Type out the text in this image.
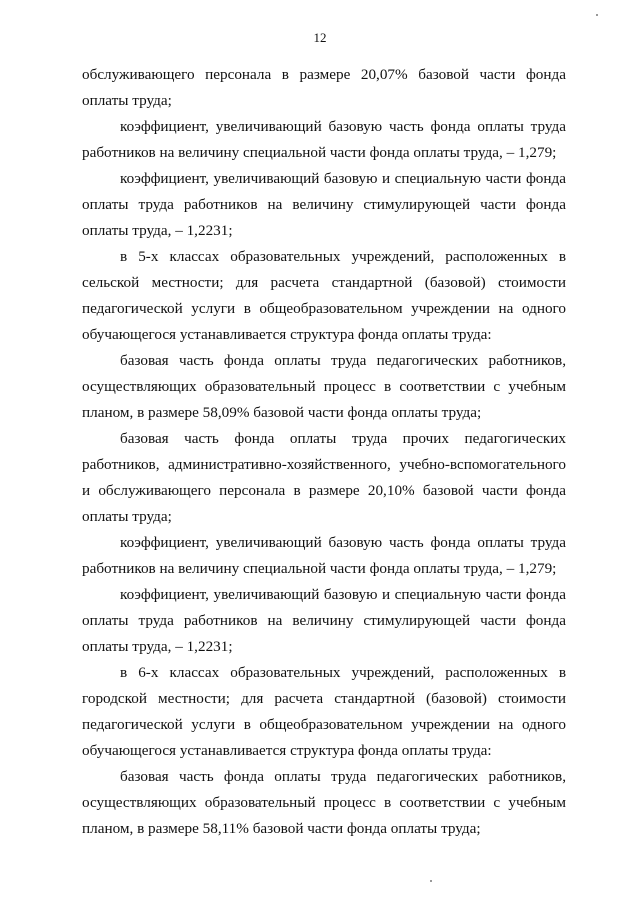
12

обслуживающего персонала в размере 20,07% базовой части фонда оплаты труда;

коэффициент, увеличивающий базовую часть фонда оплаты труда работников на величину специальной части фонда оплаты труда, – 1,279;

коэффициент, увеличивающий базовую и специальную части фонда оплаты труда работников на величину стимулирующей части фонда оплаты труда, – 1,2231;

в 5-х классах образовательных учреждений, расположенных в сельской местности; для расчета стандартной (базовой) стоимости педагогической услуги в общеобразовательном учреждении на одного обучающегося устанавливается структура фонда оплаты труда:

базовая часть фонда оплаты труда педагогических работников, осуществляющих образовательный процесс в соответствии с учебным планом, в размере 58,09% базовой части фонда оплаты труда;

базовая часть фонда оплаты труда прочих педагогических работников, административно-хозяйственного, учебно-вспомогательного и обслуживающего персонала в размере 20,10% базовой части фонда оплаты труда;

коэффициент, увеличивающий базовую часть фонда оплаты труда работников на величину специальной части фонда оплаты труда, – 1,279;

коэффициент, увеличивающий базовую и специальную части фонда оплаты труда работников на величину стимулирующей части фонда оплаты труда, – 1,2231;

в 6-х классах образовательных учреждений, расположенных в городской местности; для расчета стандартной (базовой) стоимости педагогической услуги в общеобразовательном учреждении на одного обучающегося устанавливается структура фонда оплаты труда:

базовая часть фонда оплаты труда педагогических работников, осуществляющих образовательный процесс в соответствии с учебным планом, в размере 58,11% базовой части фонда оплаты труда;
